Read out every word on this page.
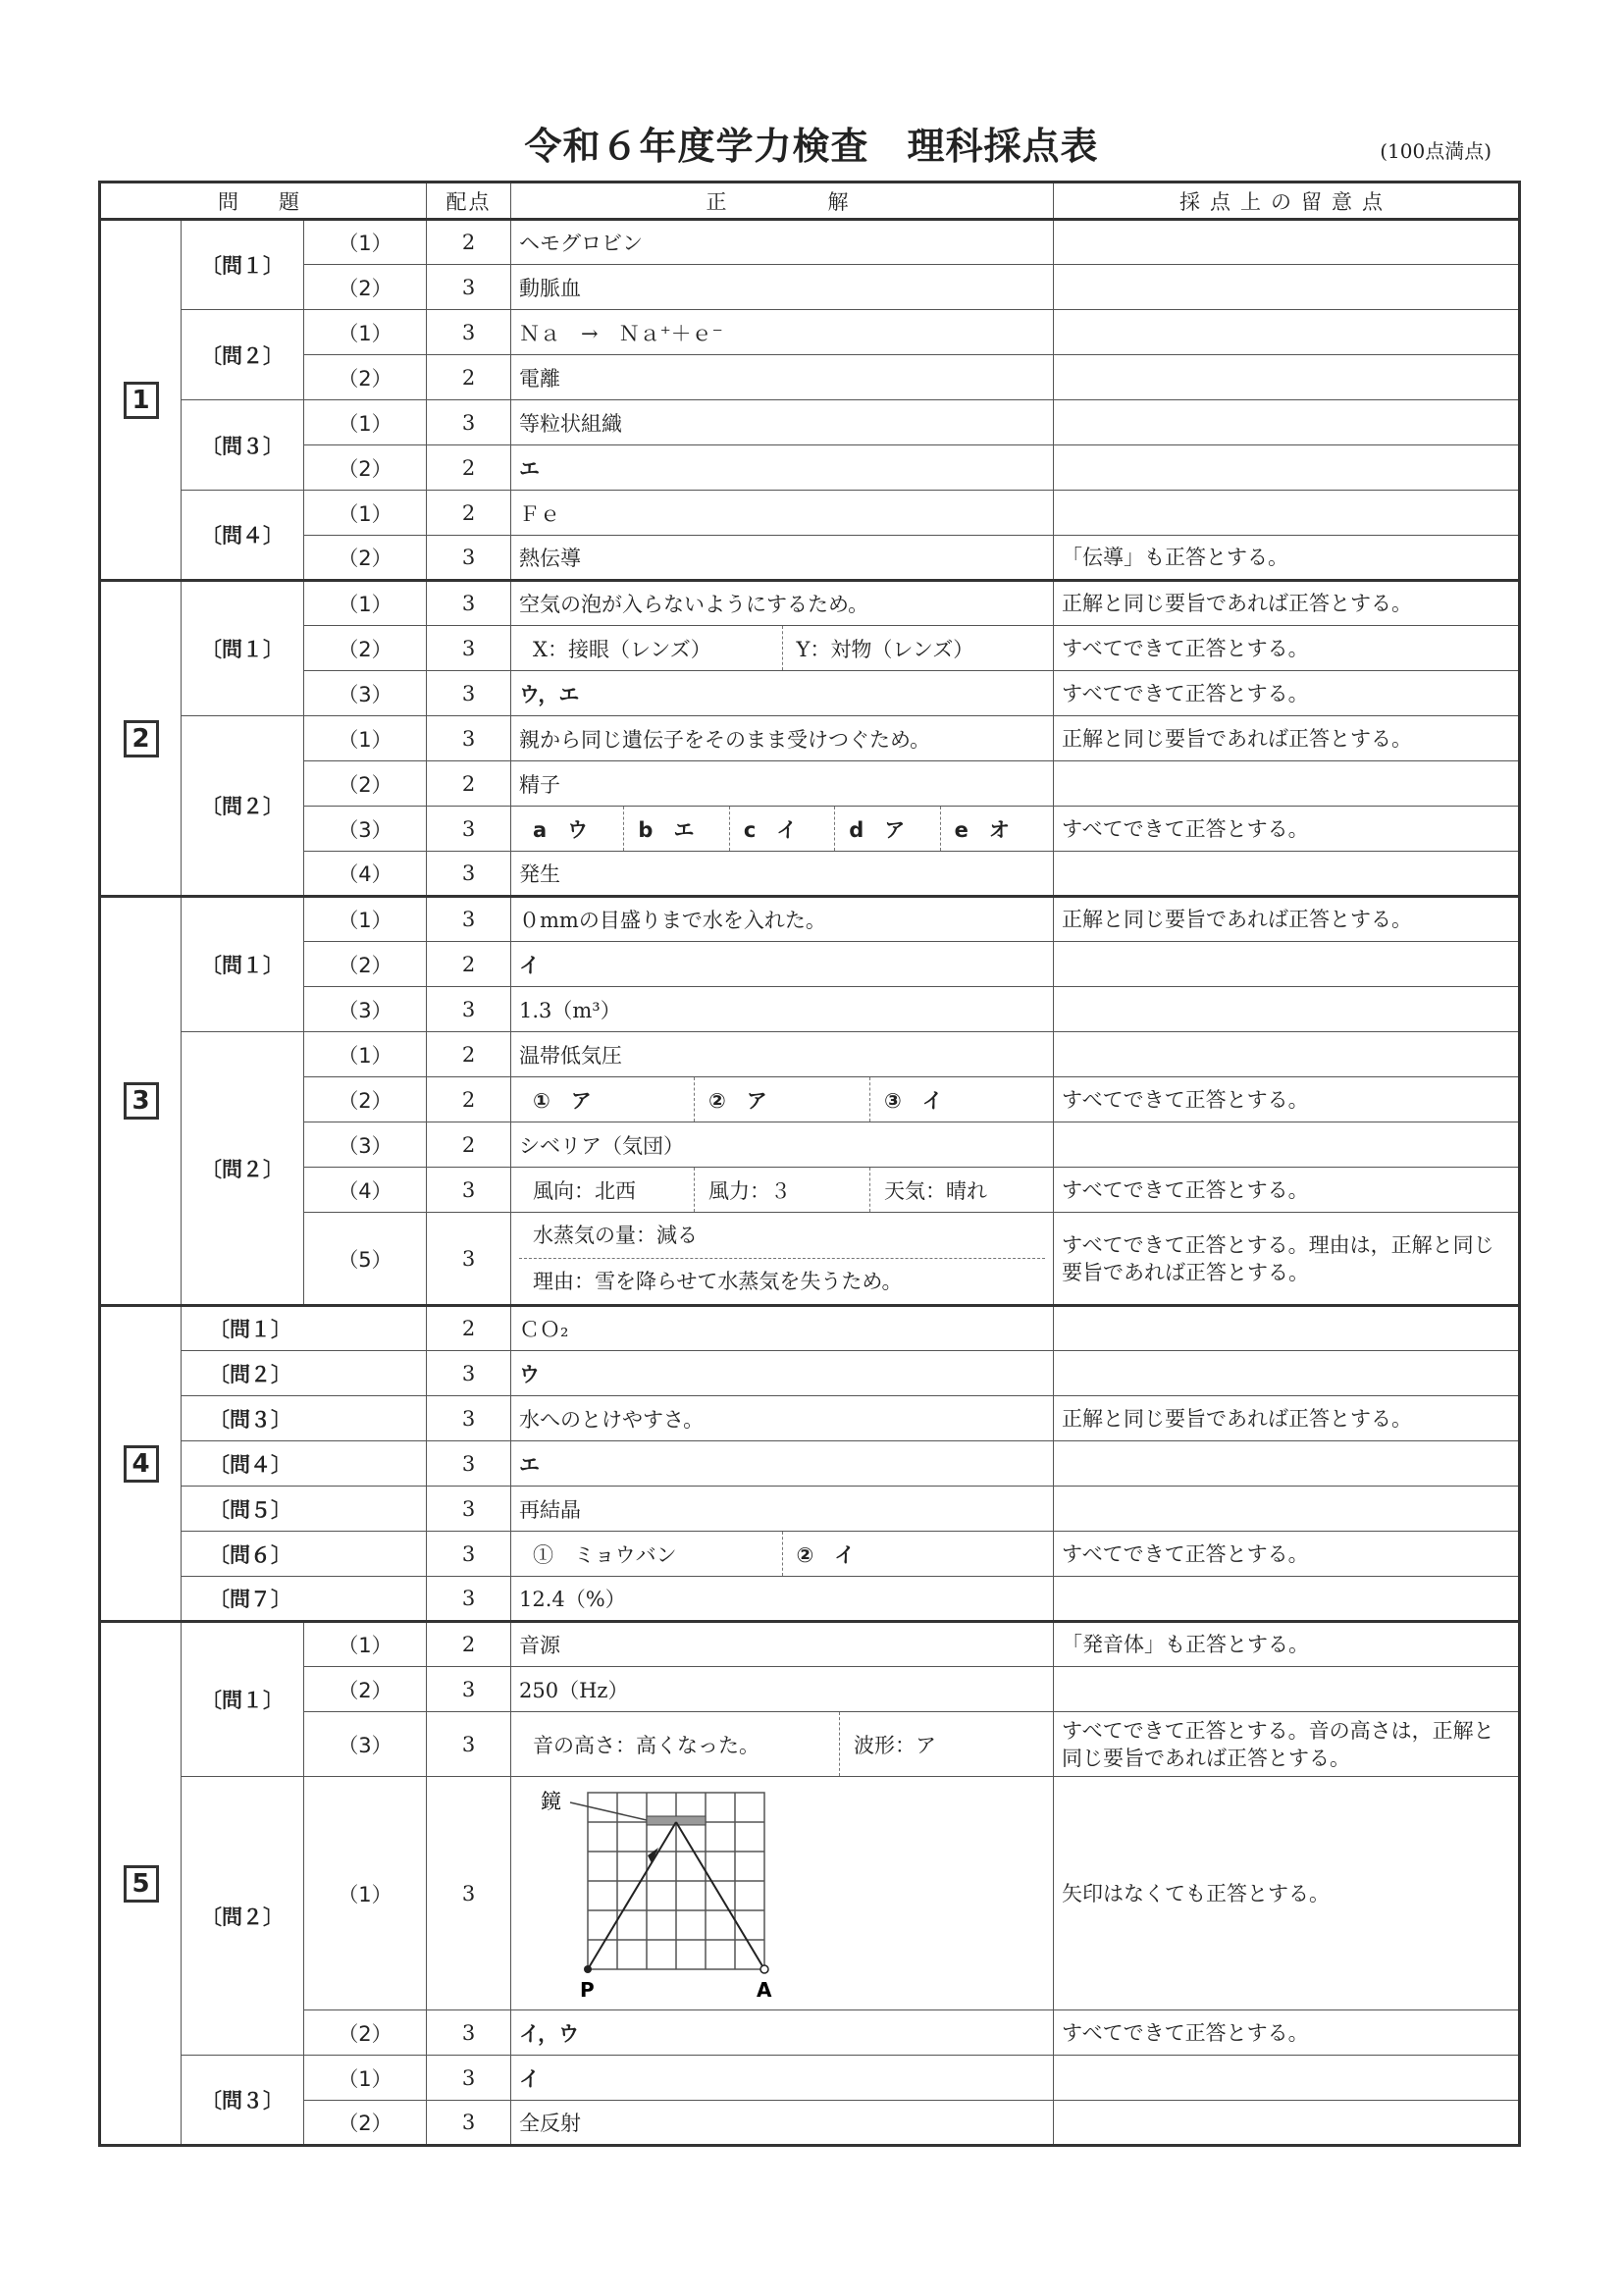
令和６年度学力検査　理科採点表	(100点満点)
問　題			配点	正　　　解	採点上の留意点
1	〔問１〕	（1）	2	ヘモグロビン	
		（2）	3	動脈血	
	〔問２〕	（1）	3	Ｎａ　→　Ｎａ⁺＋ｅ⁻	
		（2）	2	電離	
	〔問３〕	（1）	3	等粒状組織	
		（2）	2	エ	
	〔問４〕	（1）	2	Ｆｅ	
		（2）	3	熱伝導	「伝導」も正答とする。
2	〔問１〕	（1）	3	空気の泡が入らないようにするため。	正解と同じ要旨であれば正答とする。
		（2）	3	X：接眼（レンズ） Y：対物（レンズ）	すべてできて正答とする。
		（3）	3	ウ，エ	すべてできて正答とする。
	〔問２〕	（1）	3	親から同じ遺伝子をそのまま受けつぐため。	正解と同じ要旨であれば正答とする。
		（2）	2	精子	
		（3）	3	a　ウ b　エ c　イ d　ア e　オ	すべてできて正答とする。
		（4）	3	発生	
3	〔問１〕	（1）	3	０mmの目盛りまで水を入れた。	正解と同じ要旨であれば正答とする。
		（2）	2	イ	
		（3）	3	1.3（m³）	
	〔問２〕	（1）	2	温帯低気圧	
		（2）	2	①　ア ②　ア ③　イ	すべてできて正答とする。
		（3）	2	シベリア（気団）	
		（4）	3	風向：北西 風力：３ 天気：晴れ	すべてできて正答とする。
		（5）	3	水蒸気の量：減る
理由：雪を降らせて水蒸気を失うため。	すべてできて正答とする。理由は，正解と同じ要旨であれば正答とする。
4	〔問１〕		2	ＣＯ₂	
	〔問２〕		3	ウ	
	〔問３〕		3	水へのとけやすさ。	正解と同じ要旨であれば正答とする。
	〔問４〕		3	エ	
	〔問５〕		3	再結晶	
	〔問６〕		3	①　ミョウバン ②　イ	すべてできて正答とする。
	〔問７〕		3	12.4（%）	
5	〔問１〕	（1）	2	音源	「発音体」も正答とする。
		（2）	3	250（Hz）	
		（3）	3	音の高さ：高くなった。 波形：ア	すべてできて正答とする。音の高さは，正解と同じ要旨であれば正答とする。
	〔問２〕	（1）	3	鏡
P A	矢印はなくても正答とする。
		（2）	3	イ，ウ	すべてできて正答とする。
	〔問３〕	（1）	3	イ	
		（2）	3	全反射	
